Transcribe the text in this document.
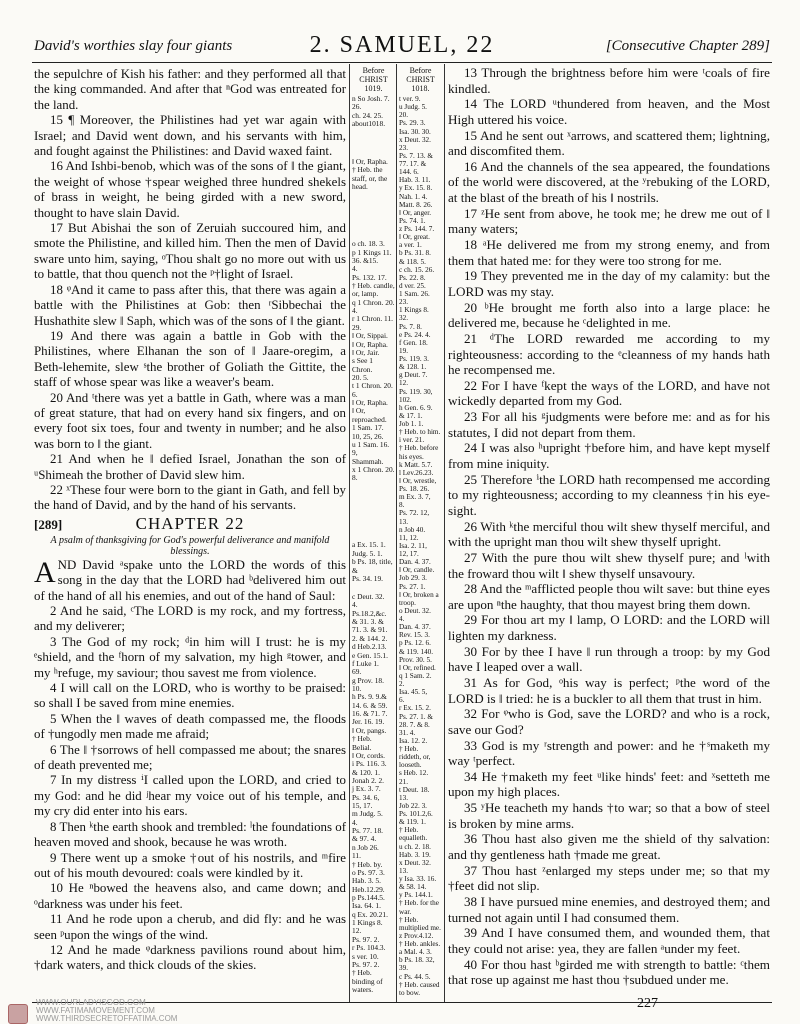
David's worthies slay four giants	2. SAMUEL, 22	[Consecutive Chapter 289]

the sepulchre of Kish his father: and they performed all that the king commanded. And after that ⁿGod was entreated for the land.

15 ¶ Moreover, the Philistines had yet war again with Israel; and David went down, and his servants with him, and fought against the Philistines: and David waxed faint.

16 And Ishbi-benob, which was of the sons of ‖ the giant, the weight of whose †spear weighed three hundred shekels of brass in weight, he being girded with a new sword, thought to have slain David.

17 But Abishai the son of Zeruiah succoured him, and smote the Philistine, and killed him. Then the men of David sware unto him, saying, ᵒThou shalt go no more out with us to battle, that thou quench not the ᵖ†light of Israel.

18 ᵠAnd it came to pass after this, that there was again a battle with the Philistines at Gob: then ʳSibbechai the Hushathite slew ‖ Saph, which was of the sons of ‖ the giant.

19 And there was again a battle in Gob with the Philistines, where Elhanan the son of ‖ Jaare-oregim, a Beth-lehemite, slew ˢthe brother of Goliath the Gittite, the staff of whose spear was like a weaver's beam.

20 And ᵗthere was yet a battle in Gath, where was a man of great stature, that had on every hand six fingers, and on every foot six toes, four and twenty in number; and he also was born to ‖ the giant.

21 And when he ‖ defied Israel, Jonathan the son of ᵘShimeah the brother of David slew him.

22 ˣThese four were born to the giant in Gath, and fell by the hand of David, and by the hand of his servants.

[289]	CHAPTER 22
A psalm of thanksgiving for God's powerful deliverance and manifold blessings.

AND David ᵃspake unto the LORD the words of this song in the day that the LORD had ᵇdelivered him out of the hand of all his enemies, and out of the hand of Saul:

2 And he said, ᶜThe LORD is my rock, and my fortress, and my deliverer;

3 The God of my rock; ᵈin him will I trust: he is my ᵉshield, and the ᶠhorn of my salvation, my high ᵍtower, and my ʰrefuge, my saviour; thou savest me from violence.

4 I will call on the LORD, who is worthy to be praised: so shall I be saved from mine enemies.

5 When the ‖ waves of death compassed me, the floods of †ungodly men made me afraid;

6 The ‖ †sorrows of hell compassed me about; the snares of death prevented me;

7 In my distress ⁱI called upon the LORD, and cried to my God: and he did ʲhear my voice out of his temple, and my cry did enter into his ears.

8 Then ᵏthe earth shook and trembled: ˡthe foundations of heaven moved and shook, because he was wroth.

9 There went up a smoke †out of his nostrils, and ᵐfire out of his mouth devoured: coals were kindled by it.

10 He ⁿbowed the heavens also, and came down; and ᵒdarkness was under his feet.

11 And he rode upon a cherub, and did fly: and he was seen ᵖupon the wings of the wind.

12 And he made ᵠdarkness pavilions round about him, †dark waters, and thick clouds of the skies.

Before CHRIST 1019.

n So Josh. 7. 26.

ch. 24. 25.

about1018.

‖ Or, Rapha.

† Heb. the staff, or, the head.

o ch. 18. 3.

p 1 Kings 11. 36. &15.

4.

Ps. 132. 17.

† Heb. candle, or, lamp.

q 1 Chron. 20. 4.

r 1 Chron. 11. 29.

‖ Or, Sippai.

‖ Or, Rapha.

‖ Or, Jair.

s See 1 Chron.

20. 5.

t 1 Chron. 20. 6.

‖ Or, Rapha.

‖ Or, reproached.

1 Sam. 17.

10, 25, 26.

u 1 Sam. 16. 9,

Shammah.

x 1 Chron. 20. 8.

a Ex. 15. 1.

Judg. 5. 1.

b Ps. 18, title, &

Ps. 34. 19.

c Deut. 32.

4.

Ps.18.2,&c.

& 31. 3. &

71. 3. & 91.

2. & 144. 2.

d Heb.2.13.

e Gen. 15.1.

f Luke 1.

69.

g Prov. 18.

10.

h Ps. 9. 9.&

14. 6. & 59.

16. & 71. 7.

Jer. 16. 19.

‖ Or, pangs.

† Heb.

Belial.

‖ Or, cords.

i Ps. 116. 3.

& 120. 1.

Jonah 2. 2.

j Ex. 3. 7.

Ps. 34. 6,

15, 17.

m Judg. 5.

4.

Ps. 77. 18.

& 97. 4.

n Job 26.

11.

† Heb. by.

o Ps. 97. 3.

Hab. 3. 5.

Heb.12.29.

p Ps.144.5.

Isa. 64. 1.

q Ex. 20.21.

1 Kings 8.

12.

Ps. 97. 2.

r Ps. 104.3.

s ver. 10.

Ps. 97. 2.

† Heb. binding of waters.

Before CHRIST 1018.

t ver. 9.

u Judg. 5.

20.

Ps. 29. 3.

Isa. 30. 30.

x Deut. 32.

23.

Ps. 7. 13. &

77. 17. &

144. 6.

Hab. 3. 11.

y Ex. 15. 8.

Nah. 1. 4.

Matt. 8. 26.

‖ Or, anger.

Ps. 74. 1.

z Ps. 144. 7.

‖ Or, great.

a ver. 1.

b Ps. 31. 8.

& 118. 5.

c ch. 15. 26.

Ps. 22. 8.

d ver. 25.

1 Sam. 26.

23.

1 Kings 8.

32.

Ps. 7. 8.

e Ps. 24. 4.

f Gen. 18.

19.

Ps. 119. 3.

& 128. 1.

g Deut. 7.

12.

Ps. 119. 30,

102.

h Gen. 6. 9.

& 17. 1.

Job 1. 1.

† Heb. to him.

i ver. 21.

† Heb. before his eyes.

k Matt. 5.7.

l Lev.26.23.

‖ Or, wrestle,

Ps. 18. 26.

m Ex. 3. 7,

8.

Ps. 72. 12,

13.

n Job 40.

11, 12.

Isa. 2. 11,

12, 17.

Dan. 4. 37.

‖ Or, candle.

Job 29. 3.

Ps. 27. 1.

‖ Or, broken a troop.

o Deut. 32.

4.

Dan. 4. 37.

Rev. 15. 3.

p Ps. 12. 6.

& 119. 140.

Prov. 30. 5.

‖ Or, refined.

q 1 Sam. 2.

2.

Isa. 45. 5,

6.

r Ex. 15. 2.

Ps. 27. 1. &

28. 7. & 8.

31. 4.

Isa. 12. 2.

† Heb. riddeth, or, looseth.

s Heb. 12.

21.

t Deut. 18.

13.

Job 22. 3.

Ps. 101.2,6.

& 119. 1.

† Heb. equalleth.

u ch. 2. 18.

Hab. 3. 19.

x Deut. 32.

13.

y Isa. 33. 16.

& 58. 14.

y Ps. 144.1.

† Heb. for the war.

† Heb. multiplied me.

z Prov.4.12.

† Heb. ankles.

a Mal. 4. 3.

b Ps. 18. 32,

39.

c Ps. 44. 5.

† Heb. caused to bow.

13 Through the brightness before him were ᵗcoals of fire kindled.

14 The LORD ᵘthundered from heaven, and the Most High uttered his voice.

15 And he sent out ˣarrows, and scattered them; lightning, and discomfited them.

16 And the channels of the sea appeared, the foundations of the world were discovered, at the ʸrebuking of the LORD, at the blast of the breath of his ‖ nostrils.

17 ᶻHe sent from above, he took me; he drew me out of ‖ many waters;

18 ᵃHe delivered me from my strong enemy, and from them that hated me: for they were too strong for me.

19 They prevented me in the day of my calamity: but the LORD was my stay.

20 ᵇHe brought me forth also into a large place: he delivered me, because he ᶜdelighted in me.

21 ᵈThe LORD rewarded me according to my righteousness: according to the ᵉcleanness of my hands hath he recompensed me.

22 For I have ᶠkept the ways of the LORD, and have not wickedly departed from my God.

23 For all his ᵍjudgments were before me: and as for his statutes, I did not depart from them.

24 I was also ʰupright †before him, and have kept myself from mine iniquity.

25 Therefore ⁱthe LORD hath recompensed me according to my righteousness; according to my cleanness †in his eye-sight.

26 With ᵏthe merciful thou wilt shew thyself merciful, and with the upright man thou wilt shew thyself upright.

27 With the pure thou wilt shew thyself pure; and ˡwith the froward thou wilt ‖ shew thyself unsavoury.

28 And the ᵐafflicted people thou wilt save: but thine eyes are upon ⁿthe haughty, that thou mayest bring them down.

29 For thou art my ‖ lamp, O LORD: and the LORD will lighten my darkness.

30 For by thee I have ‖ run through a troop: by my God have I leaped over a wall.

31 As for God, ᵒhis way is perfect; ᵖthe word of the LORD is ‖ tried: he is a buckler to all them that trust in him.

32 For ᵠwho is God, save the LORD? and who is a rock, save our God?

33 God is my ʳstrength and power: and he †ˢmaketh my way ᵗperfect.

34 He †maketh my feet ᵘlike hinds' feet: and ˣsetteth me upon my high places.

35 ʸHe teacheth my hands †to war; so that a bow of steel is broken by mine arms.

36 Thou hast also given me the shield of thy salvation: and thy gentleness hath †made me great.

37 Thou hast ᶻenlarged my steps under me; so that my †feet did not slip.

38 I have pursued mine enemies, and destroyed them; and turned not again until I had consumed them.

39 And I have consumed them, and wounded them, that they could not arise: yea, they are fallen ᵃunder my feet.

40 For thou hast ᵇgirded me with strength to battle: ᶜthem that rose up against me hast thou †subdued under me.

227
WWW.OURLADYISGOD.COM
WWW.FATIMAMOVEMENT.COM
WWW.THIRDSECRETOFFATIMA.COM
